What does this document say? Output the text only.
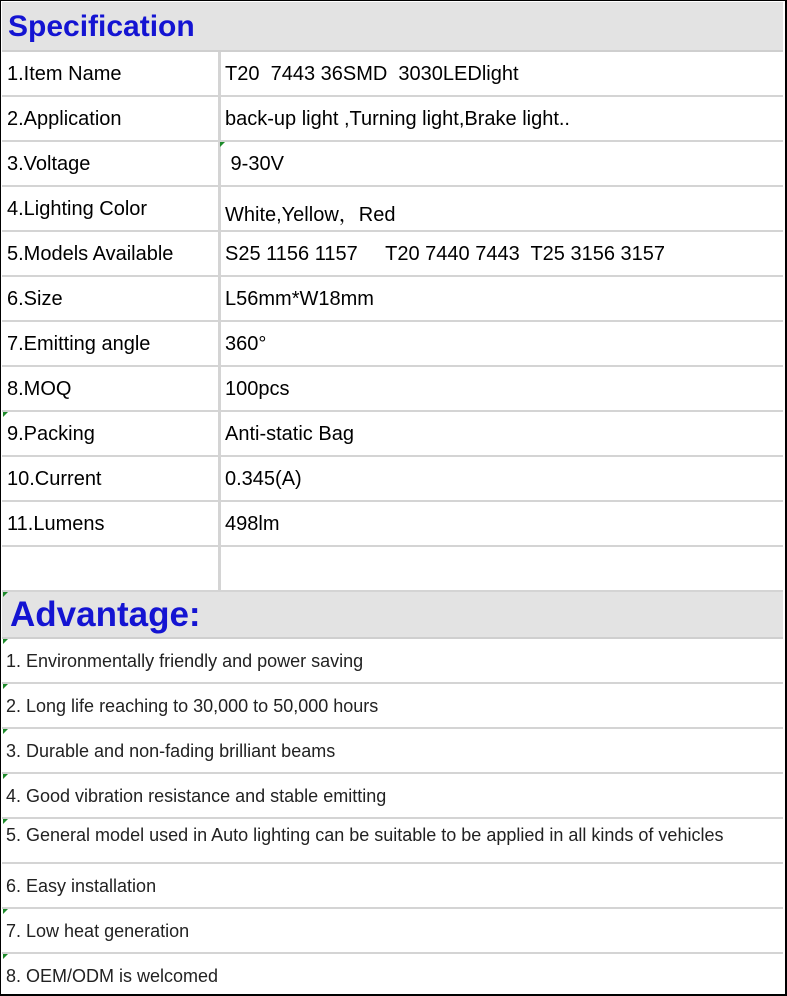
Specification
1.Item Name	T20  7443 36SMD  3030LEDlight
2.Application	back-up light ,Turning light,Brake light..
3.Voltage	9-30V
4.Lighting Color	White,Yellow，Red
5.Models Available	S25 1156 1157     T20 7440 7443  T25 3156 3157
6.Size	L56mm*W18mm
7.Emitting angle	360°
8.MOQ	100pcs
9.Packing	Anti-static Bag
10.Current	0.345(A)
11.Lumens	498lm
Advantage:
1. Environmentally friendly and power saving
2. Long life reaching to 30,000 to 50,000 hours
3. Durable and non-fading brilliant beams
4. Good vibration resistance and stable emitting
5. General model used in Auto lighting can be suitable to be applied in all kinds of vehicles
6. Easy installation
7. Low heat generation
8. OEM/ODM is welcomed
